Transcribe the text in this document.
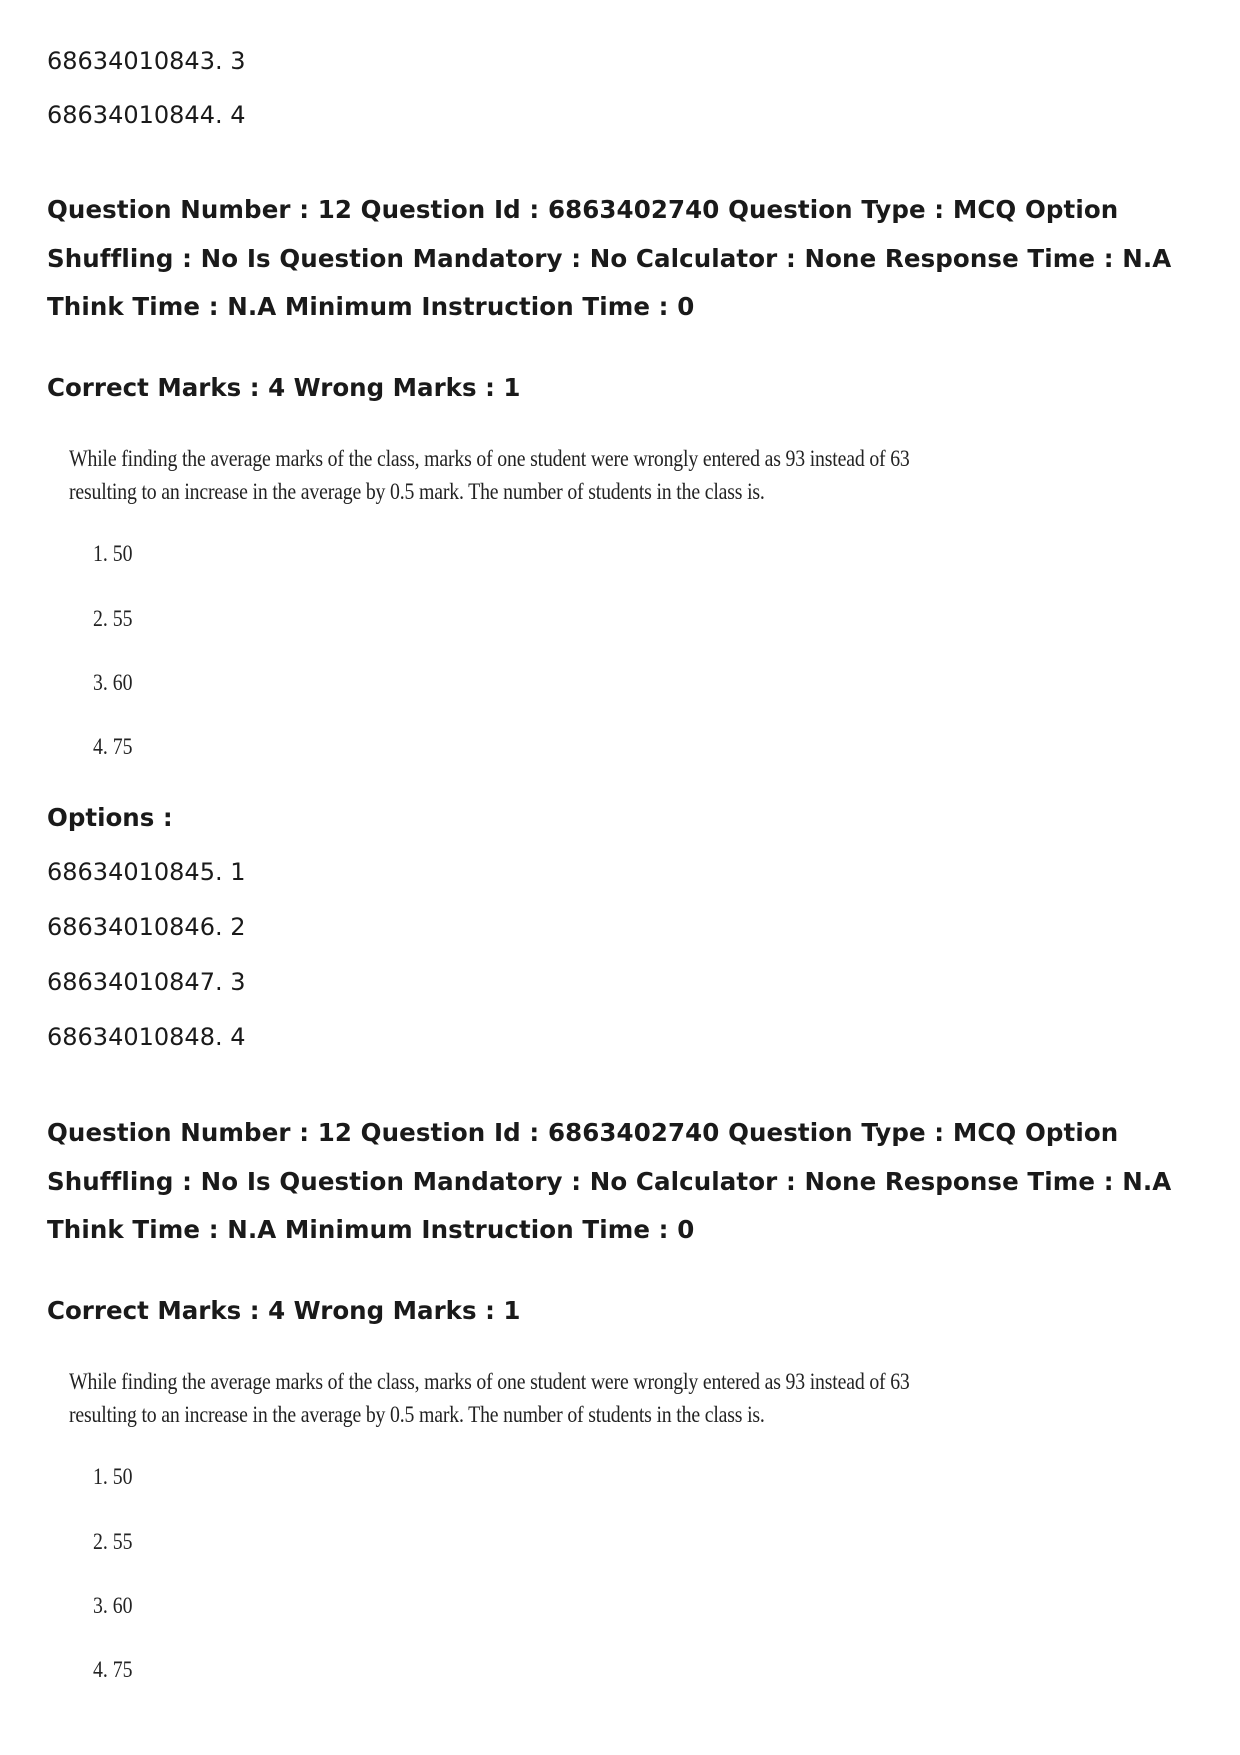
68634010843. 3
68634010844. 4
Question Number : 12 Question Id : 6863402740 Question Type : MCQ Option Shuffling : No Is Question Mandatory : No Calculator : None Response Time : N.A Think Time : N.A Minimum Instruction Time : 0
Correct Marks : 4 Wrong Marks : 1
While finding the average marks of the class, marks of one student were wrongly entered as 93 instead of 63
resulting to an increase in the average by 0.5 mark. The number of students in the class is.
1. 50
2. 55
3. 60
4. 75
Options :
68634010845. 1
68634010846. 2
68634010847. 3
68634010848. 4
Question Number : 12 Question Id : 6863402740 Question Type : MCQ Option Shuffling : No Is Question Mandatory : No Calculator : None Response Time : N.A Think Time : N.A Minimum Instruction Time : 0
Correct Marks : 4 Wrong Marks : 1
While finding the average marks of the class, marks of one student were wrongly entered as 93 instead of 63
resulting to an increase in the average by 0.5 mark. The number of students in the class is.
1. 50
2. 55
3. 60
4. 75
